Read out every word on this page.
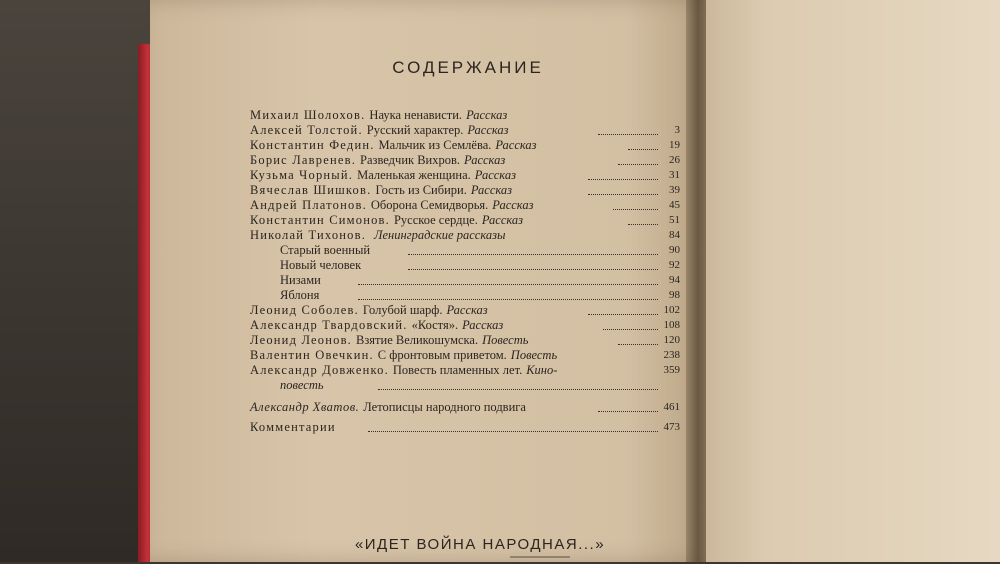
СОДЕРЖАНИЕ
Михаил Шолохов. Наука ненависти. Рассказ
Алексей Толстой. Русский характер. Рассказ	3
Константин Федин. Мальчик из Семлёва. Рассказ	19
Борис Лавренев. Разведчик Вихров. Рассказ	26
Кузьма Чорный. Маленькая женщина. Рассказ	31
Вячеслав Шишков. Гость из Сибири. Рассказ	39
Андрей Платонов. Оборона Семидворья. Рассказ	45
Константин Симонов. Русское сердце. Рассказ	51
Николай Тихонов. Ленинградские рассказы	84
Старый военный	90
Новый человек	92
Низами	94
Яблоня	98
Леонид Соболев. Голубой шарф. Рассказ	102
Александр Твардовский. «Костя». Рассказ	108
Леонид Леонов. Взятие Великошумска. Повесть	120
Валентин Овечкин. С фронтовым приветом. Повесть	238
Александр Довженко. Повесть пламенных лет. Кино-	359
повесть
Александр Хватов. Летописцы народного подвига	461
Комментарии	473
«ИДЕТ ВОЙНА НАРОДНАЯ...»
